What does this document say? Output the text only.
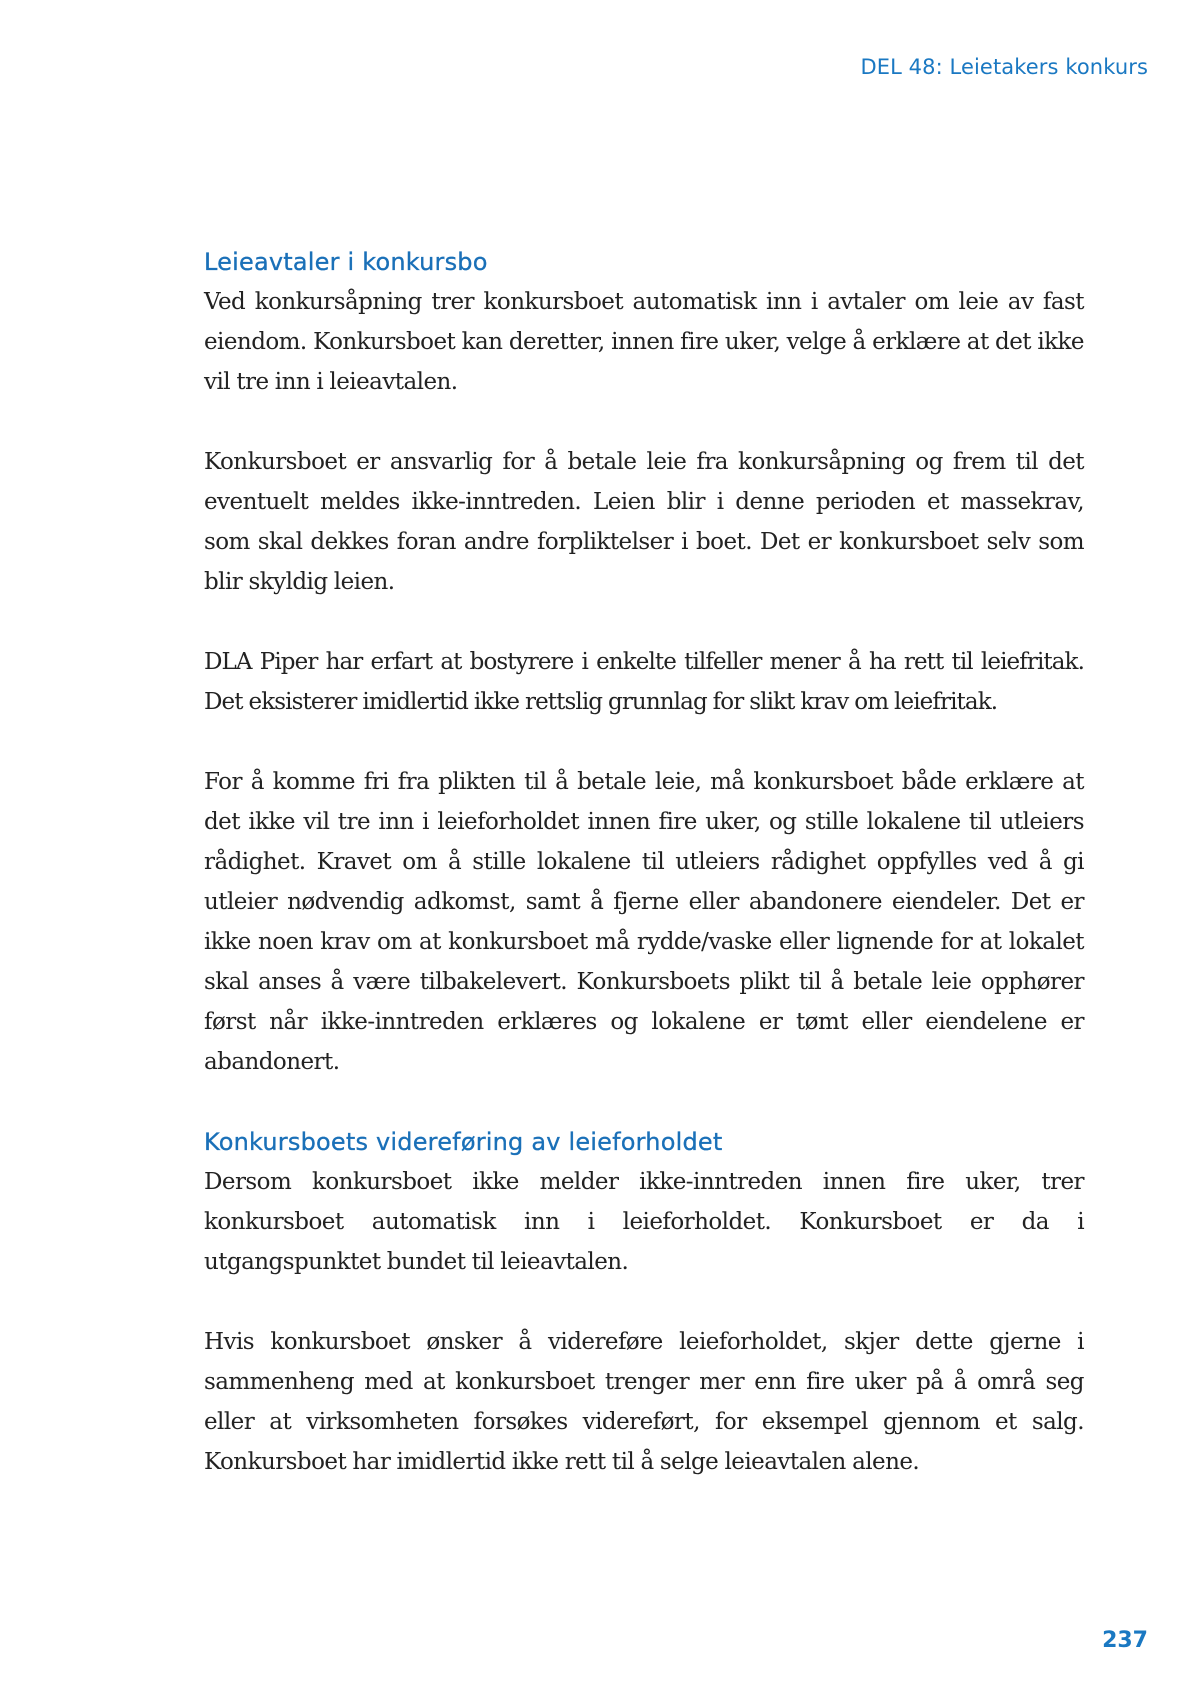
DEL 48: Leietakers konkurs
Leieavtaler i konkursbo

Ved konkursåpning trer konkursboet automatisk inn i avtaler om leie av fast eiendom. Konkursboet kan deretter, innen fire uker, velge å erklære at det ikke vil tre inn i leieavtalen.

Konkursboet er ansvarlig for å betale leie fra konkursåpning og frem til det eventuelt meldes ikke-inntreden. Leien blir i denne perioden et massekrav, som skal dekkes foran andre forpliktelser i boet. Det er konkursboet selv som blir skyldig leien.

DLA Piper har erfart at bostyrere i enkelte tilfeller mener å ha rett til leiefritak. Det eksisterer imidlertid ikke rettslig grunnlag for slikt krav om leiefritak.

For å komme fri fra plikten til å betale leie, må konkursboet både erklære at det ikke vil tre inn i leieforholdet innen fire uker, og stille lokalene til utleiers rådighet. Kravet om å stille lokalene til utleiers rådighet oppfylles ved å gi utleier nødvendig adkomst, samt å fjerne eller abandonere eiendeler. Det er ikke noen krav om at konkursboet må rydde/vaske eller lignende for at lokalet skal anses å være tilbakelevert. Konkursboets plikt til å betale leie opphører først når ikke-inntreden erklæres og lokalene er tømt eller eiendelene er abandonert.

Konkursboets videreføring av leieforholdet

Dersom konkursboet ikke melder ikke-inntreden innen fire uker, trer konkursboet automatisk inn i leieforholdet. Konkursboet er da i utgangspunktet bundet til leieavtalen.

Hvis konkursboet ønsker å videreføre leieforholdet, skjer dette gjerne i sammenheng med at konkursboet trenger mer enn fire uker på å områ seg eller at virksomheten forsøkes videreført, for eksempel gjennom et salg. Konkursboet har imidlertid ikke rett til å selge leieavtalen alene.

237
